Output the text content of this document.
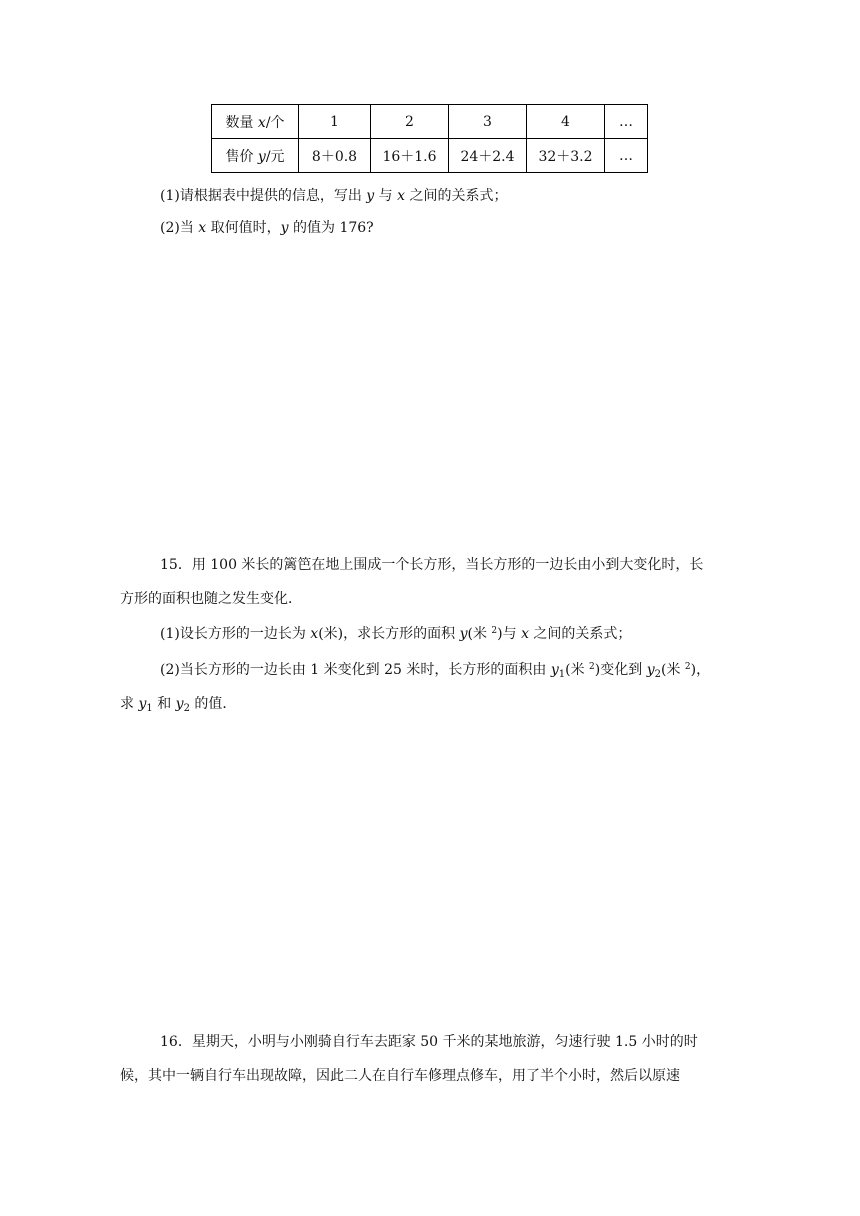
数量 x/个	1	2	3	4	…
售价 y/元	8＋0.8	16＋1.6	24＋2.4	32＋3.2	…
(1)请根据表中提供的信息，写出 y 与 x 之间的关系式；
(2)当 x 取何值时，y 的值为 176?
15．用 100 米长的篱笆在地上围成一个长方形，当长方形的一边长由小到大变化时，长
方形的面积也随之发生变化．
(1)设长方形的一边长为 x(米)，求长方形的面积 y(米 $^2$)与 x 之间的关系式；
(2)当长方形的一边长由 1 米变化到 25 米时，长方形的面积由 $y_1$(米 $^2$)变化到 $y_2$(米 $^2$)，
求 $y_1$ 和 $y_2$ 的值．
16．星期天，小明与小刚骑自行车去距家 50 千米的某地旅游，匀速行驶 1.5 小时的时
候，其中一辆自行车出现故障，因此二人在自行车修理点修车，用了半个小时，然后以原速
